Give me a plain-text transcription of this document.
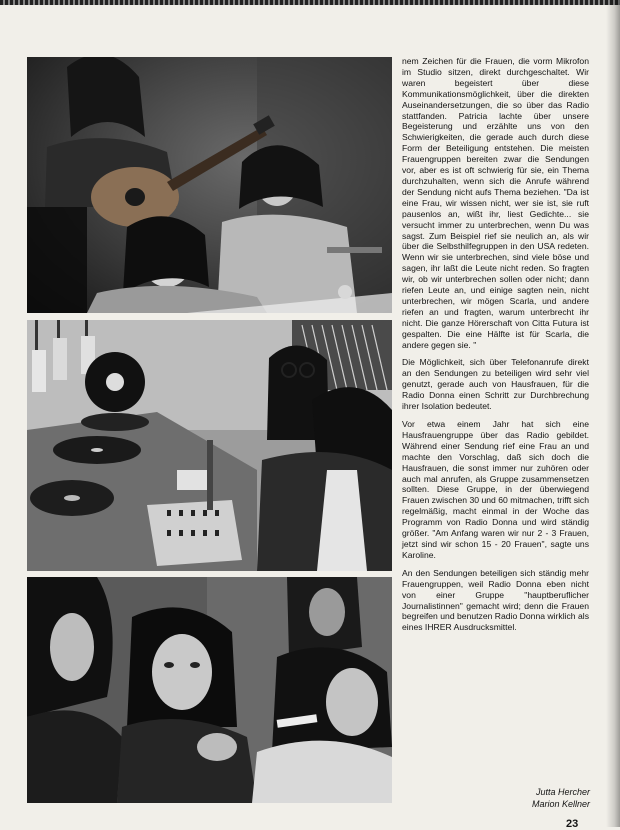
nem Zeichen für die Frauen, die vorm Mikrofon im Studio sitzen, direkt durchgeschaltet. Wir waren begeistert über diese Kommunikationsmöglichkeit, über die direkten Auseinandersetzungen, die so über das Radio stattfanden. Patricia lachte über unsere Begeisterung und erzählte uns von den Schwierigkeiten, die gerade auch durch diese Form der Beteiligung entstehen. Die meisten Frauengruppen bereiten zwar die Sendungen vor, aber es ist oft schwierig für sie, ein Thema durchzuhalten, wenn sich die Anrufe während der Sendung nicht aufs Thema beziehen. "Da ist eine Frau, wir wissen nicht, wer sie ist, sie ruft pausenlos an, wißt ihr, liest Gedichte... sie versucht immer zu unterbrechen, wenn Du was sagst. Zum Beispiel rief sie neulich an, als wir über die Selbsthilfegruppen in den USA redeten. Wenn wir sie unterbrechen, sind viele böse und sagen, ihr laßt die Leute nicht reden. So fragten wir, ob wir unterbrechen sollen oder nicht; dann riefen Leute an, und einige sagten nein, nicht unterbrechen, wir mögen Scarla, und andere riefen an und fragten, warum unterbrecht ihr nicht. Die ganze Hörerschaft von Citta Futura ist gespalten. Die eine Hälfte ist für Scarla, die andere gegen sie. "

Die Möglichkeit, sich über Telefonanrufe direkt an den Sendungen zu beteiligen wird sehr viel genutzt, gerade auch von Hausfrauen, für die Radio Donna einen Schritt zur Durchbrechung ihrer Isolation bedeutet.

Vor etwa einem Jahr hat sich eine Hausfrauengruppe über das Radio gebildet. Während einer Sendung rief eine Frau an und machte den Vorschlag, daß sich doch die Hausfrauen, die sonst immer nur zuhören oder auch mal anrufen, als Gruppe zusammensetzen sollten. Diese Gruppe, in der überwiegend Frauen zwischen 30 und 60 mitmachen, trifft sich regelmäßig, macht einmal in der Woche das Programm von Radio Donna und wird ständig größer. "Am Anfang waren wir nur 2 - 3 Frauen, jetzt sind wir schon 15 - 20 Frauen", sagte uns Karoline.

An den Sendungen beteiligen sich ständig mehr Frauengruppen, weil Radio Donna eben nicht von einer Gruppe "hauptberuflicher Journalistinnen" gemacht wird; denn die Frauen begreifen und benutzen Radio Donna wirklich als eines IHRER Ausdrucksmittel.

Jutta Hercher
Marion Kellner
23
